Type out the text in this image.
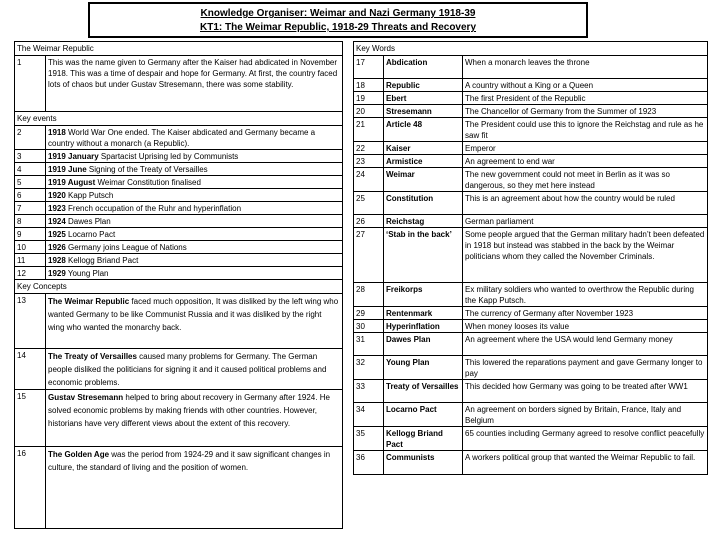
Knowledge Organiser: Weimar and Nazi Germany 1918-39
KT1: The Weimar Republic, 1918-29 Threats and Recovery
The Weimar Republic	
1	This was the name given to Germany after the Kaiser had abdicated in November 1918. This was a time of despair and hope for Germany. At first, the country faced lots of chaos but under Gustav Stresemann, there was some stability.
Key events	
2	1918 World War One ended. The Kaiser abdicated and Germany became a country without a monarch (a Republic).
3	1919 January Spartacist Uprising led by Communists
4	1919 June Signing of the Treaty of Versailles
5	1919 August Weimar Constitution finalised
6	1920 Kapp Putsch
7	1923 French occupation of the Ruhr and hyperinflation
8	1924 Dawes Plan
9	1925 Locarno Pact
10	1926 Germany joins League of Nations
11	1928 Kellogg Briand Pact
12	1929 Young Plan
Key Concepts	
13	The Weimar Republic faced much opposition, It was disliked by the left wing who wanted Germany to be like Communist Russia and it was disliked by the right wing who wanted the monarchy back.
14	The Treaty of Versailles caused many problems for Germany. The German people disliked the politicians for signing it and it caused political problems and economic problems.
15	Gustav Stresemann helped to bring about recovery in Germany after 1924. He solved economic problems by making friends with other countries. However, historians have very different views about the extent of this recovery.
16	The Golden Age was the period from 1924-29 and it saw significant changes in culture, the standard of living and the position of women.
Key Words		
17	Abdication	When a monarch leaves the throne
18	Republic	A country without a King or a Queen
19	Ebert	The first President of the Republic
20	Stresemann	The Chancellor of Germany from the Summer of 1923
21	Article 48	The President could use this to ignore the Reichstag and rule as he saw fit
22	Kaiser	Emperor
23	Armistice	An agreement to end war
24	Weimar	The new government could not meet in Berlin as it was so dangerous, so they met here instead
25	Constitution	This is an agreement about how the country would be ruled
26	Reichstag	German parliament
27	‘Stab in the back’	Some people argued that the German military hadn’t been defeated in 1918 but instead was stabbed in the back by the Weimar politicians whom they called the November Criminals.
28	Freikorps	Ex military soldiers who wanted to overthrow the Republic during the Kapp Putsch.
29	Rentenmark	The currency of Germany after November 1923
30	Hyperinflation	When money looses its value
31	Dawes Plan	An agreement where the USA would lend Germany money
32	Young Plan	This lowered the reparations payment and gave Germany longer to pay
33	Treaty of Versailles	This decided how Germany was going to be treated after WW1
34	Locarno Pact	An agreement on borders signed by Britain, France, Italy and Belgium
35	Kellogg Briand Pact	65 counties including Germany agreed to resolve conflict peacefully
36	Communists	A workers political group that wanted the Weimar Republic to fail.
